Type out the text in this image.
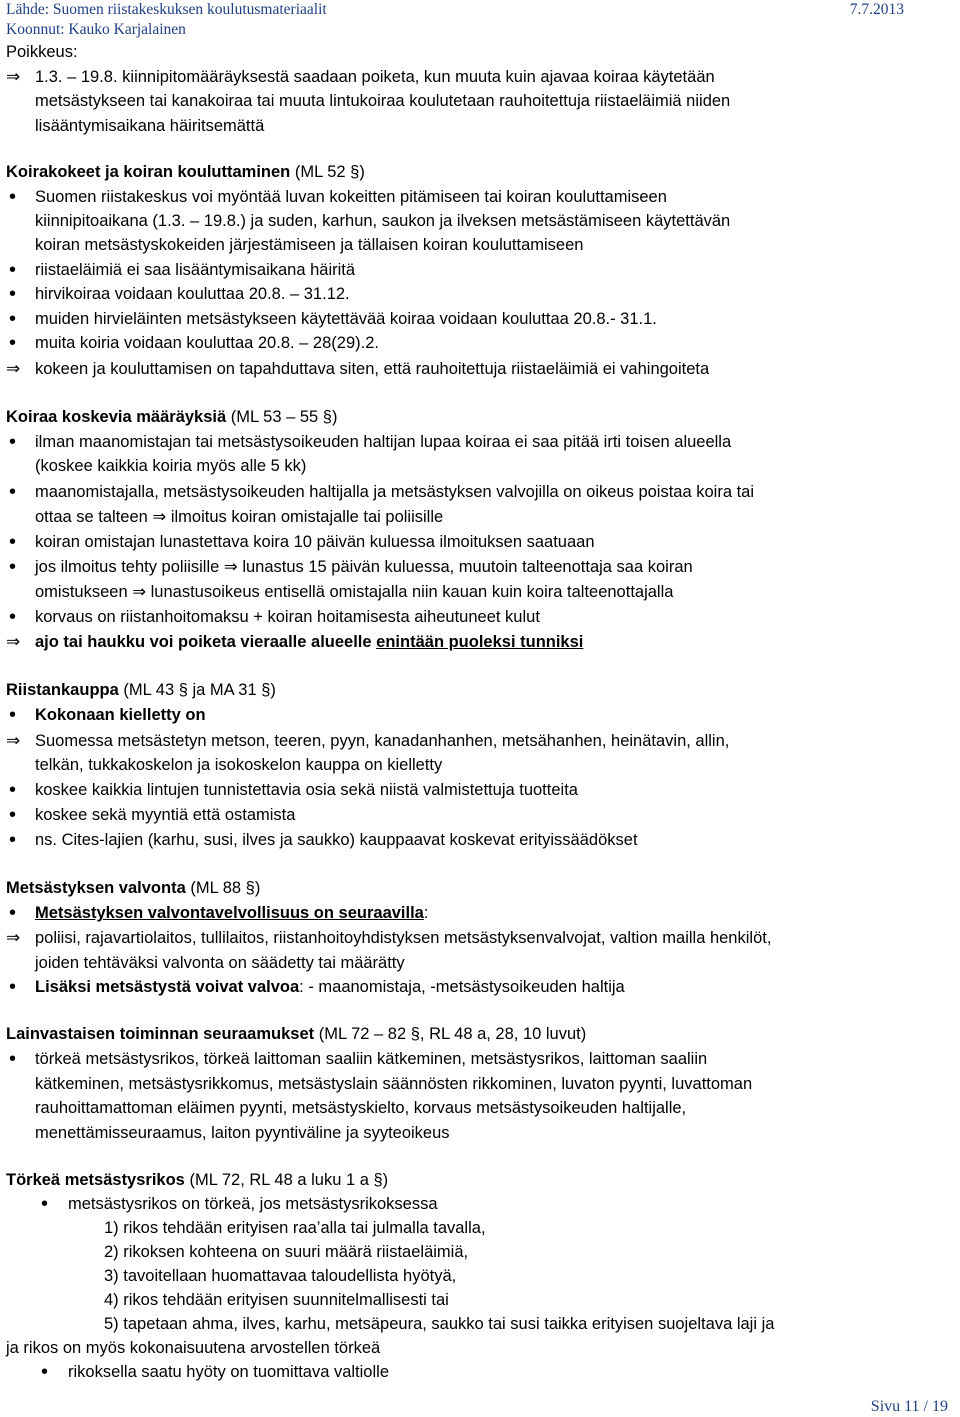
Lähde: Suomen riistakeskuksen koulutusmateriaalit	7.7.2013
Koonnut: Kauko Karjalainen
Poikkeus:
⇒ 1.3. – 19.8. kiinnipitomääräyksestä saadaan poiketa, kun muuta kuin ajavaa koiraa käytetään
metsästykseen tai kanakoiraa tai muuta lintukoiraa koulutetaan rauhoitettuja riistaeläimiä niiden
lisääntymisaikana häiritsemättä
Koirakokeet ja koiran kouluttaminen (ML 52 §)
•
Suomen riistakeskus voi myöntää luvan kokeitten pitämiseen tai koiran kouluttamiseen
kiinnipitoaikana (1.3. – 19.8.) ja suden, karhun, saukon ja ilveksen metsästämiseen käytettävän
koiran metsästyskokeiden järjestämiseen ja tällaisen koiran kouluttamiseen
•
riistaeläimiä ei saa lisääntymisaikana häiritä
•
hirvikoiraa voidaan kouluttaa 20.8. – 31.12.
•
muiden hirvieläinten metsästykseen käytettävää koiraa voidaan kouluttaa 20.8.- 31.1.
•
muita koiria voidaan kouluttaa 20.8. – 28(29).2.
⇒ kokeen ja kouluttamisen on tapahduttava siten, että rauhoitettuja riistaeläimiä ei vahingoiteta
Koiraa koskevia määräyksiä (ML 53 – 55 §)
•
ilman maanomistajan tai metsästysoikeuden haltijan lupaa koiraa ei saa pitää irti toisen alueella
(koskee kaikkia koiria myös alle 5 kk)
•
maanomistajalla, metsästysoikeuden haltijalla ja metsästyksen valvojilla on oikeus poistaa koira tai
ottaa se talteen ⇒ ilmoitus koiran omistajalle tai poliisille
•
koiran omistajan lunastettava koira 10 päivän kuluessa ilmoituksen saatuaan
•
jos ilmoitus tehty poliisille ⇒ lunastus 15 päivän kuluessa, muutoin talteenottaja saa koiran
omistukseen ⇒ lunastusoikeus entisellä omistajalla niin kauan kuin koira talteenottajalla
•
korvaus on riistanhoitomaksu + koiran hoitamisesta aiheutuneet kulut
⇒ ajo tai haukku voi poiketa vieraalle alueelle enintään puoleksi tunniksi
Riistankauppa (ML 43 § ja MA 31 §)
•
Kokonaan kielletty on
⇒ Suomessa metsästetyn metson, teeren, pyyn, kanadanhanhen, metsähanhen, heinätavin, allin,
telkän, tukkakoskelon ja isokoskelon kauppa on kielletty
•
koskee kaikkia lintujen tunnistettavia osia sekä niistä valmistettuja tuotteita
•
koskee sekä myyntiä että ostamista
•
ns. Cites-lajien (karhu, susi, ilves ja saukko) kauppaavat koskevat erityissäädökset
Metsästyksen valvonta (ML 88 §)
•
Metsästyksen valvontavelvollisuus on seuraavilla:
⇒ poliisi, rajavartiolaitos, tullilaitos, riistanhoitoyhdistyksen metsästyksenvalvojat, valtion mailla henkilöt,
joiden tehtäväksi valvonta on säädetty tai määrätty
•
Lisäksi metsästystä voivat valvoa: - maanomistaja, -metsästysoikeuden haltija
Lainvastaisen toiminnan seuraamukset (ML 72 – 82 §, RL 48 a, 28, 10 luvut)
•
törkeä metsästysrikos, törkeä laittoman saaliin kätkeminen, metsästysrikos, laittoman saaliin
kätkeminen, metsästysrikkomus, metsästyslain säännösten rikkominen, luvaton pyynti, luvattoman
rauhoittamattoman eläimen pyynti, metsästyskielto, korvaus metsästysoikeuden haltijalle,
menettämisseuraamus, laiton pyyntiväline ja syyteoikeus
Törkeä metsästysrikos (ML 72, RL 48 a luku 1 a §)
•
metsästysrikos on törkeä, jos metsästysrikoksessa
1) rikos tehdään erityisen raa’alla tai julmalla tavalla,
2) rikoksen kohteena on suuri määrä riistaeläimiä,
3) tavoitellaan huomattavaa taloudellista hyötyä,
4) rikos tehdään erityisen suunnitelmallisesti tai
5) tapetaan ahma, ilves, karhu, metsäpeura, saukko tai susi taikka erityisen suojeltava laji ja
ja rikos on myös kokonaisuutena arvostellen törkeä
•
rikoksella saatu hyöty on tuomittava valtiolle
Sivu 11 / 19
